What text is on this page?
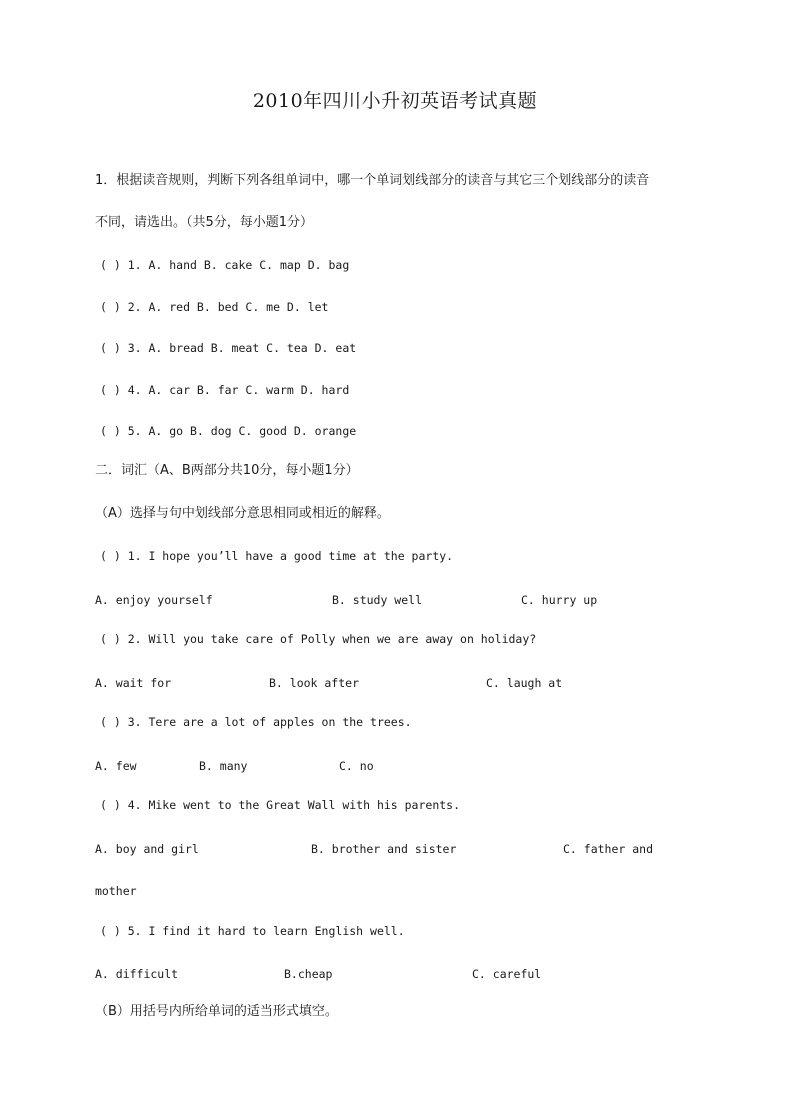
2010年四川小升初英语考试真题
1．根据读音规则，判断下列各组单词中，哪一个单词划线部分的读音与其它三个划线部分的读音
不同，请选出。（共5分，每小题1分）
( ) 1. A. hand B. cake C. map D. bag
( ) 2. A. red B. bed C. me D. let
( ) 3. A. bread B. meat C. tea D. eat
( ) 4. A. car B. far C. warm D. hard
( ) 5. A. go B. dog C. good D. orange
二．词汇（A、B两部分共10分，每小题1分）
（A）选择与句中划线部分意思相同或相近的解释。
( ) 1. I hope you’ll have a good time at the party.
A. enjoy yourself	B. study well	C. hurry up
( ) 2. Will you take care of Polly when we are away on holiday?
A. wait for	B. look after	C. laugh at
( ) 3. Tere are a lot of apples on the trees.
A. few	B. many	C. no
( ) 4. Mike went to the Great Wall with his parents.
A. boy and girl	B. brother and sister	C. father and
mother
( ) 5. I find it hard to learn English well.
A. difficult	B.cheap	C. careful
（B）用括号内所给单词的适当形式填空。
